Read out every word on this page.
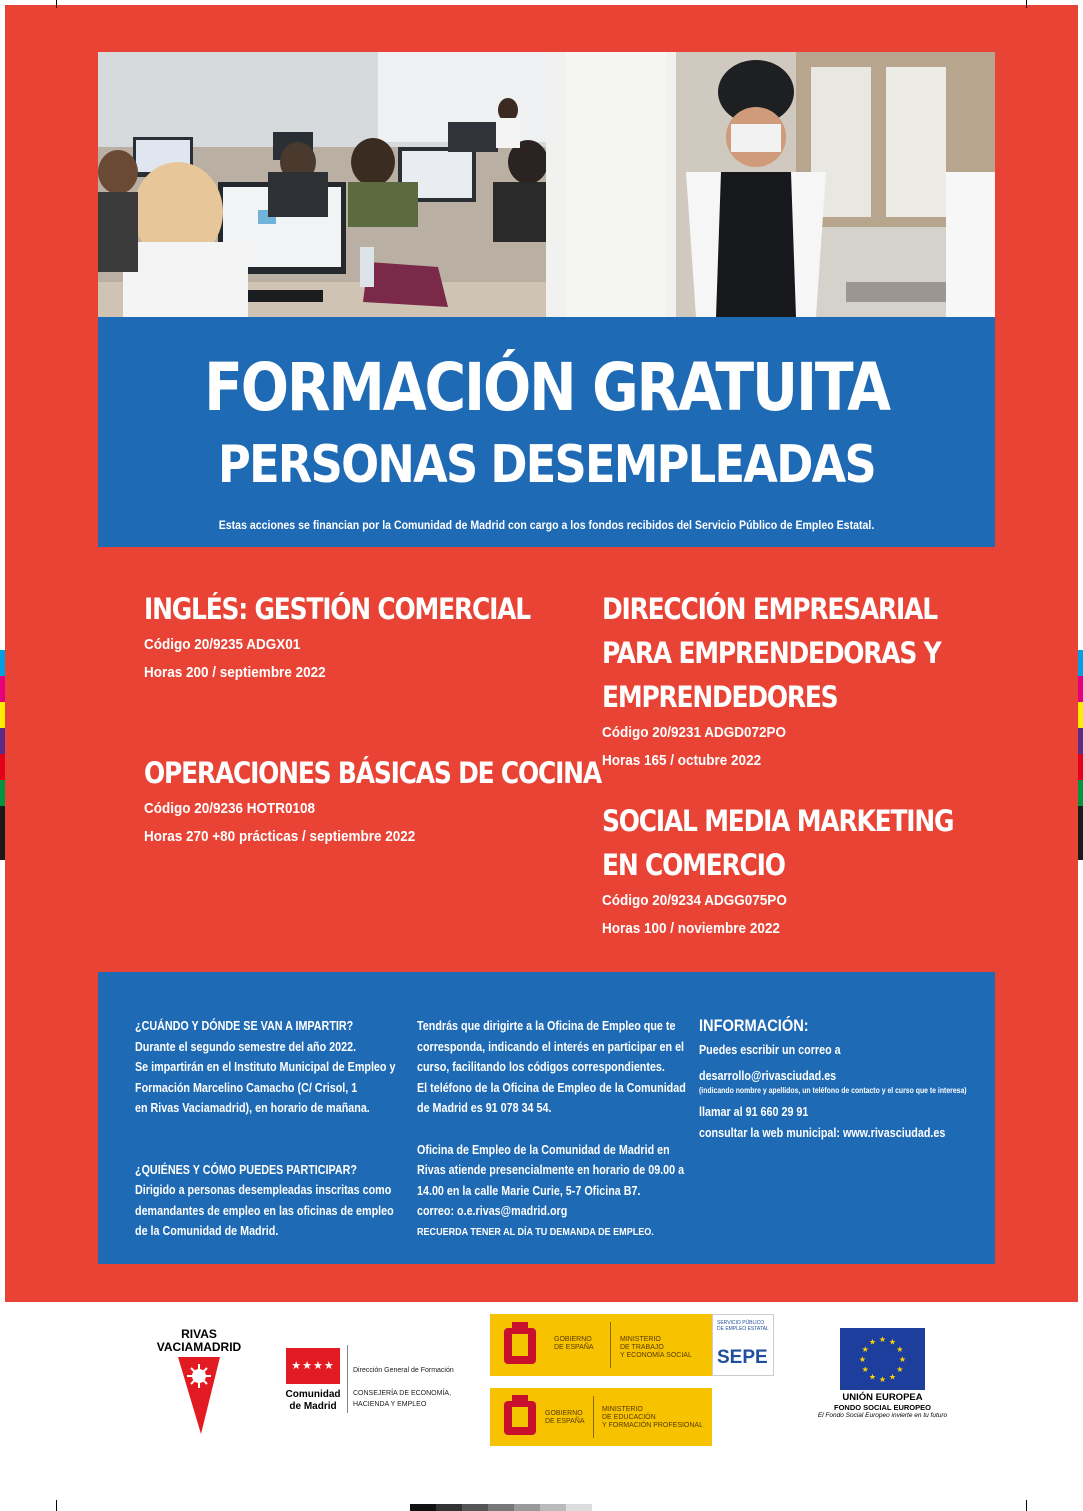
FORMACIÓN GRATUITA
PERSONAS DESEMPLEADAS
Estas acciones se financian por la Comunidad de Madrid con cargo a los fondos recibidos del Servicio Público de Empleo Estatal.
INGLÉS: GESTIÓN COMERCIAL
Código 20/9235 ADGX01
Horas 200 / septiembre 2022
OPERACIONES BÁSICAS DE COCINA
Código 20/9236 HOTR0108
Horas 270 +80 prácticas / septiembre 2022
DIRECCIÓN EMPRESARIAL
PARA EMPRENDEDORAS Y
EMPRENDEDORES
Código 20/9231 ADGD072PO
Horas 165 / octubre 2022
SOCIAL MEDIA MARKETING
EN COMERCIO
Código 20/9234 ADGG075PO
Horas 100 / noviembre 2022

¿CUÁNDO Y DÓNDE SE VAN A IMPARTIR?

Durante el segundo semestre del año 2022.

Se impartirán en el Instituto Municipal de Empleo y

Formación Marcelino Camacho (C/ Crisol, 1

en Rivas Vaciamadrid), en horario de mañana.

¿QUIÉNES Y CÓMO PUEDES PARTICIPAR?

Dirigido a personas desempleadas inscritas como

demandantes de empleo en las oficinas de empleo

de la Comunidad de Madrid.

Tendrás que dirigirte a la Oficina de Empleo que te

corresponda, indicando el interés en participar en el

curso, facilitando los códigos correspondientes.

El teléfono de la Oficina de Empleo de la Comunidad

de Madrid es 91 078 34 54.

Oficina de Empleo de la Comunidad de Madrid en

Rivas atiende presencialmente en horario de 09.00 a

14.00 en la calle Marie Curie, 5-7 Oficina B7.

correo: o.e.rivas@madrid.org

RECUERDA TENER AL DÍA TU DEMANDA DE EMPLEO.

INFORMACIÓN:

Puedes escribir un correo a

desarrollo@rivasciudad.es

(indicando nombre y apellidos, un teléfono de contacto y el curso que te interesa)

llamar al 91 660 29 91

consultar la web municipal: www.rivasciudad.es

RIVAS
VACIAMADRID
★★★★

Comunidad
de Madrid
Dirección General de Formación
CONSEJERÍA DE ECONOMÍA,
HACIENDA Y EMPLEO
GOBIERNO
DE ESPAÑA
MINISTERIO
DE TRABAJO
Y ECONOMÍA SOCIAL
SERVICIO PÚBLICO
DE EMPLEO ESTATAL
SEPE
GOBIERNO
DE ESPAÑA
MINISTERIO
DE EDUCACIÓN
Y FORMACIÓN PROFESIONAL
★ ★
★
★
★
★
★
★
★
★
★
★
UNIÓN EUROPEA
FONDO SOCIAL EUROPEO
El Fondo Social Europeo invierte en tu futuro
